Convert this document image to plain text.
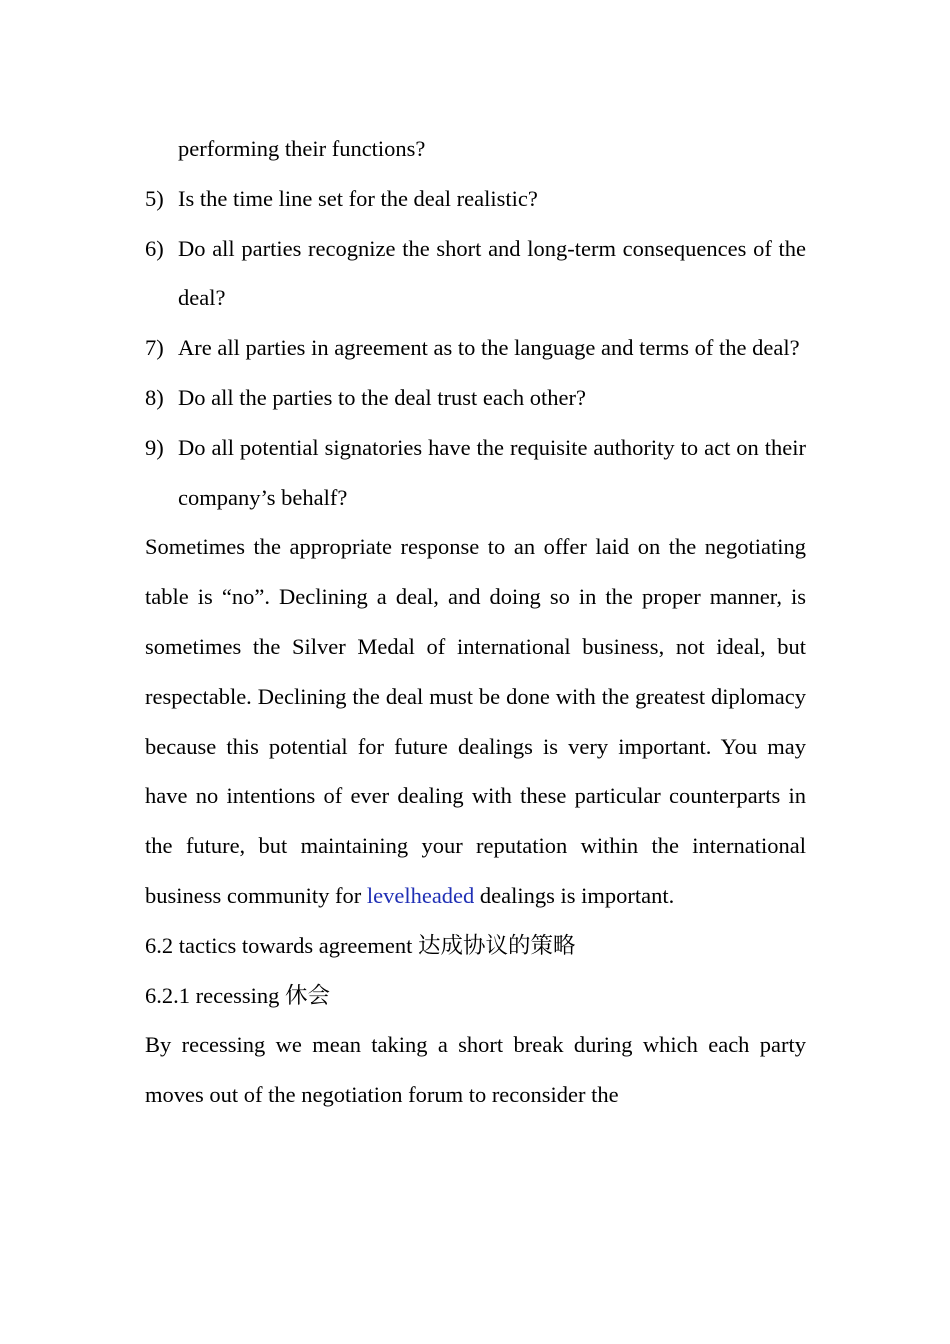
performing their functions?
5) Is the time line set for the deal realistic?
6) Do all parties recognize the short and long-term consequences of the deal?
7) Are all parties in agreement as to the language and terms of the deal?
8) Do all the parties to the deal trust each other?
9) Do all potential signatories have the requisite authority to act on their company’s behalf?
Sometimes the appropriate response to an offer laid on the negotiating table is “no”. Declining a deal, and doing so in the proper manner, is sometimes the Silver Medal of international business, not ideal, but respectable. Declining the deal must be done with the greatest diplomacy because this potential for future dealings is very important. You may have no intentions of ever dealing with these particular counterparts in the future, but maintaining your reputation within the international business community for levelheaded dealings is important.
6.2 tactics towards agreement 达成协议的策略
6.2.1 recessing 休会
By recessing we mean taking a short break during which each party moves out of the negotiation forum to reconsider the
